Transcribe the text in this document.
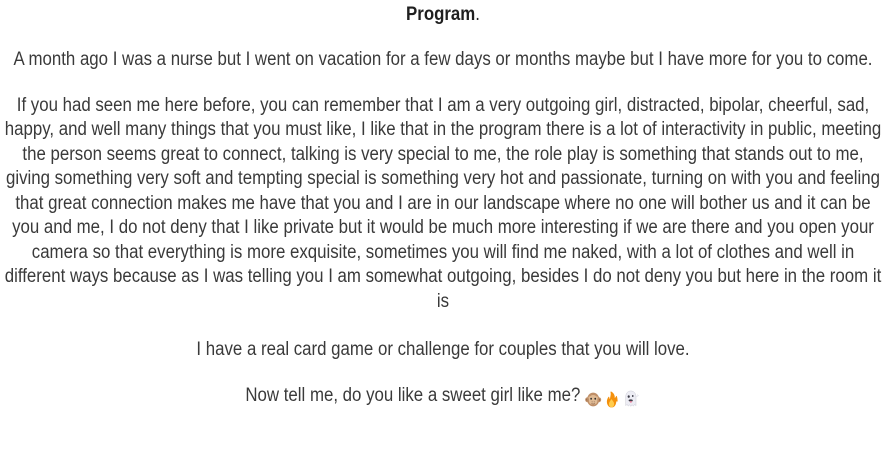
Program.

A month ago I was a nurse but I went on vacation for a few days or months maybe but I have more for you to come.

If you had seen me here before, you can remember that I am a very outgoing girl, distracted, bipolar, cheerful, sad, happy, and well many things that you must like, I like that in the program there is a lot of interactivity in public, meeting the person seems great to connect, talking is very special to me, the role play is something that stands out to me, giving something very soft and tempting special is something very hot and passionate, turning on with you and feeling that great connection makes me have that you and I are in our landscape where no one will bother us and it can be you and me, I do not deny that I like private but it would be much more interesting if we are there and you open your camera so that everything is more exquisite, sometimes you will find me naked, with a lot of clothes and well in different ways because as I was telling you I am somewhat outgoing, besides I do not deny you but here in the room it is

I have a real card game or challenge for couples that you will love.

Now tell me, do you like a sweet girl like me?
